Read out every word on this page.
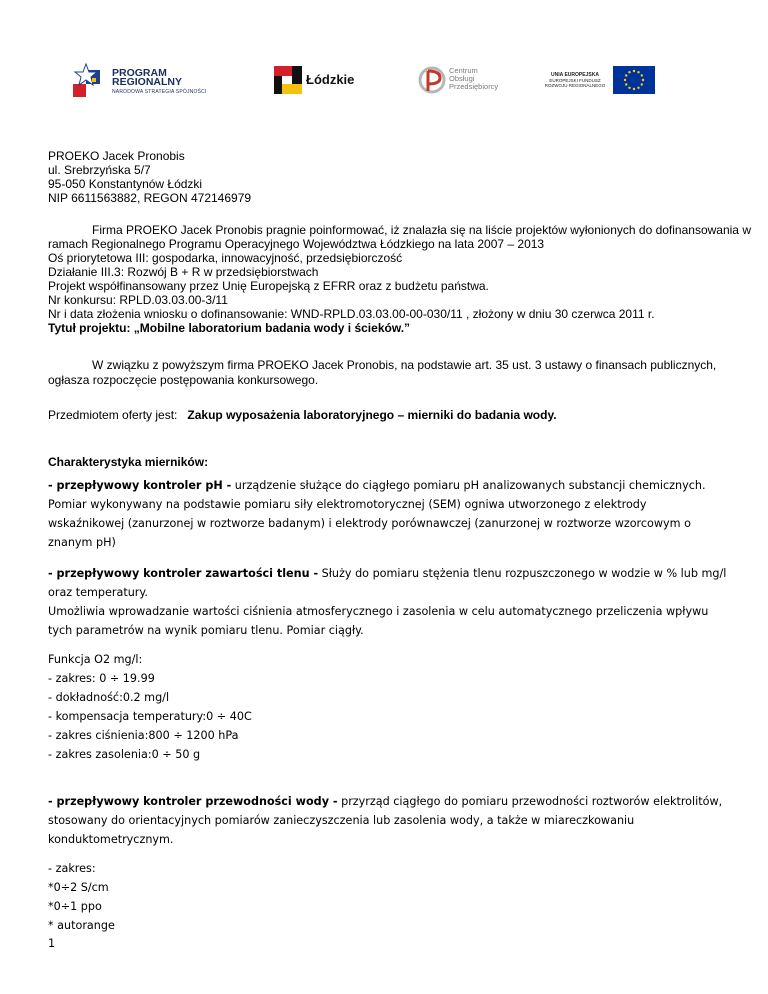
PROGRAM
REGIONALNY
NARODOWA STRATEGIA SPÓJNOŚCI
Łódzkie
Centrum
Obsługi
Przedsiębiorcy
UNIA EUROPEJSKA
EUROPEJSKI FUNDUSZ
ROZWOJU REGIONALNEGO
PROEKO Jacek Pronobis
ul. Srebrzyńska 5/7
95-050 Konstantynów Łódzki
NIP 6611563882, REGON 472146979
Firma PROEKO Jacek Pronobis pragnie poinformować, iż znalazła się na liście projektów wyłonionych do dofinansowania w
ramach Regionalnego Programu Operacyjnego Województwa Łódzkiego na lata 2007 – 2013
Oś priorytetowa III: gospodarka, innowacyjność, przedsiębiorczość
Działanie III.3: Rozwój B + R w przedsiębiorstwach
Projekt współfinansowany przez Unię Europejską z EFRR oraz z budżetu państwa.
Nr konkursu: RPLD.03.03.00-3/11
Nr i data złożenia wniosku o dofinansowanie: WND-RPLD.03.03.00-00-030/11 , złożony w dniu 30 czerwca 2011 r.
Tytuł projektu: „Mobilne laboratorium badania wody i ścieków.”
W związku z powyższym firma PROEKO Jacek Pronobis, na podstawie art. 35 ust. 3 ustawy o finansach publicznych,
ogłasza rozpoczęcie postępowania konkursowego.
Przedmiotem oferty jest: Zakup wyposażenia laboratoryjnego – mierniki do badania wody.
Charakterystyka mierników:
- przepływowy kontroler pH - urządzenie służące do ciągłego pomiaru pH analizowanych substancji chemicznych.
Pomiar wykonywany na podstawie pomiaru siły elektromotorycznej (SEM) ogniwa utworzonego z elektrody
wskaźnikowej (zanurzonej w roztworze badanym) i elektrody porównawczej (zanurzonej w roztworze wzorcowym o
znanym pH)
- przepływowy kontroler zawartości tlenu - Służy do pomiaru stężenia tlenu rozpuszczonego w wodzie w % lub mg/l
oraz temperatury.
Umożliwia wprowadzanie wartości ciśnienia atmosferycznego i zasolenia w celu automatycznego przeliczenia wpływu
tych parametrów na wynik pomiaru tlenu. Pomiar ciągły.
Funkcja O2 mg/l:
- zakres: 0 ÷ 19.99
- dokładność:0.2 mg/l
- kompensacja temperatury:0 ÷ 40C
- zakres ciśnienia:800 ÷ 1200 hPa
- zakres zasolenia:0 ÷ 50 g
- przepływowy kontroler przewodności wody - przyrząd ciągłego do pomiaru przewodności roztworów elektrolitów,
stosowany do orientacyjnych pomiarów zanieczyszczenia lub zasolenia wody, a także w miareczkowaniu
konduktometrycznym.
- zakres:
*0÷2 S/cm
*0÷1 ppo
* autorange
1
